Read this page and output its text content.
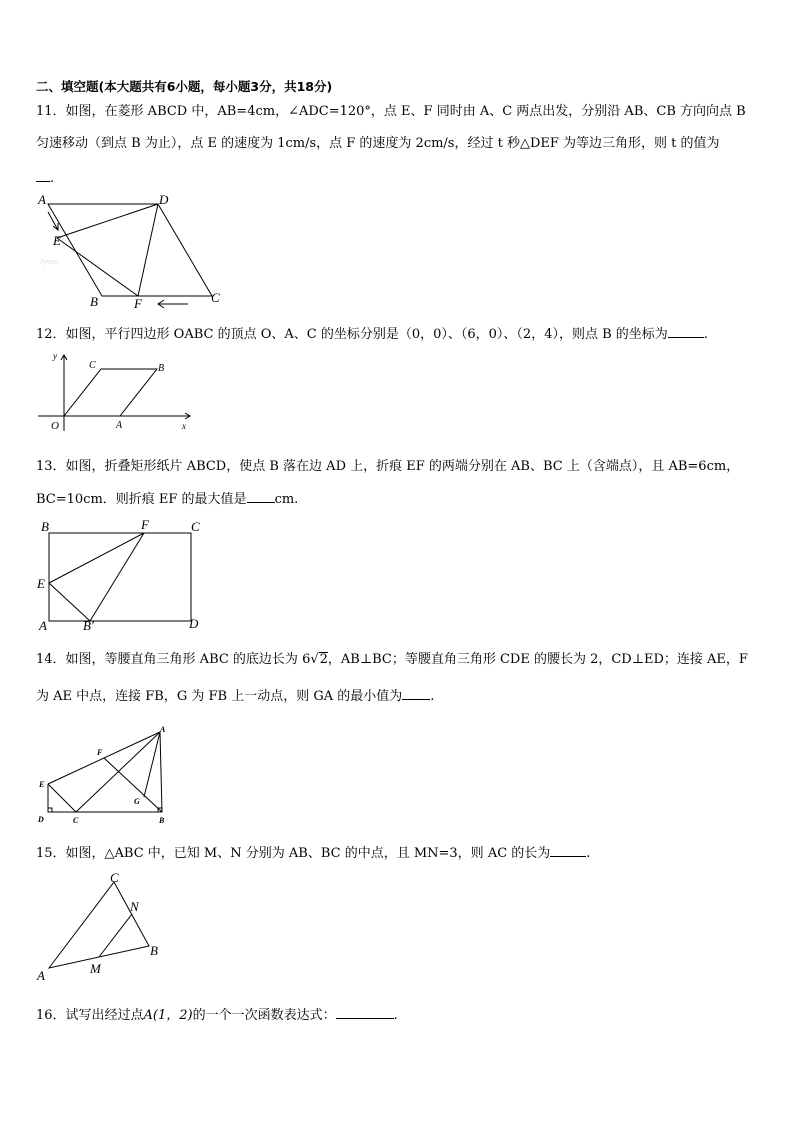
二、填空题(本大题共有6小题，每小题3分，共18分)
11．如图，在菱形 ABCD 中，AB=4cm，∠ADC=120°，点 E、F 同时由 A、C 两点出发，分别沿 AB、CB 方向向点 B
匀速移动（到点 B 为止），点 E 的速度为 1cm/s，点 F 的速度为 2cm/s，经过 t 秒△DEF 为等边三角形，则 t 的值为
.
A	D
E
B	F	C
Jyeoo
12．如图，平行四边形 OABC 的顶点 O、A、C 的坐标分别是（0，0）、（6，0）、（2，4），则点 B 的坐标为	.
y
x
O	A
B
C
13．如图，折叠矩形纸片 ABCD，使点 B 落在边 AD 上，折痕 EF 的两端分别在 AB、BC 上（含端点），且 AB=6cm，
BC=10cm．则折痕 EF 的最大值是 cm.
B	F	C
E
A	B′	D
14．如图，等腰直角三角形 ABC 的底边长为 6√2，AB⊥BC；等腰直角三角形 CDE 的腰长为 2，CD⊥ED；连接 AE，F
为 AE 中点，连接 FB，G 为 FB 上一动点，则 GA 的最小值为 .
A
F
E
G
D	C	B
15．如图，△ABC 中，已知 M、N 分别为 AB、BC 的中点，且 MN=3，则 AC 的长为	.
C
N
B
A	M
16．试写出经过点A(1，2)的一个一次函数表达式：	.
